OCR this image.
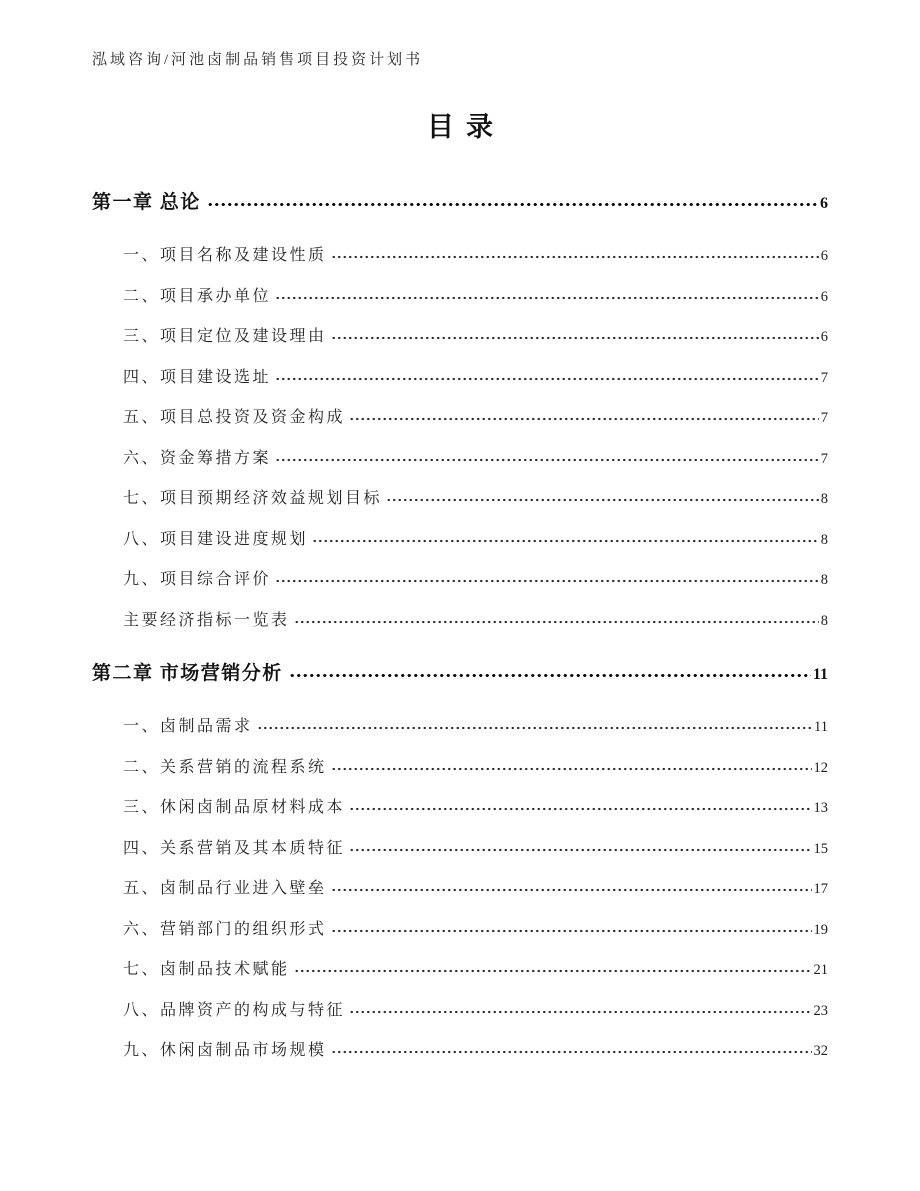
泓域咨询/河池卤制品销售项目投资计划书
目录
第一章 总论	6
一、项目名称及建设性质	6
二、项目承办单位	6
三、项目定位及建设理由	6
四、项目建设选址	7
五、项目总投资及资金构成	7
六、资金筹措方案	7
七、项目预期经济效益规划目标	8
八、项目建设进度规划	8
九、项目综合评价	8
主要经济指标一览表	8
第二章 市场营销分析	11
一、卤制品需求	11
二、关系营销的流程系统	12
三、休闲卤制品原材料成本	13
四、关系营销及其本质特征	15
五、卤制品行业进入壁垒	17
六、营销部门的组织形式	19
七、卤制品技术赋能	21
八、品牌资产的构成与特征	23
九、休闲卤制品市场规模	32
